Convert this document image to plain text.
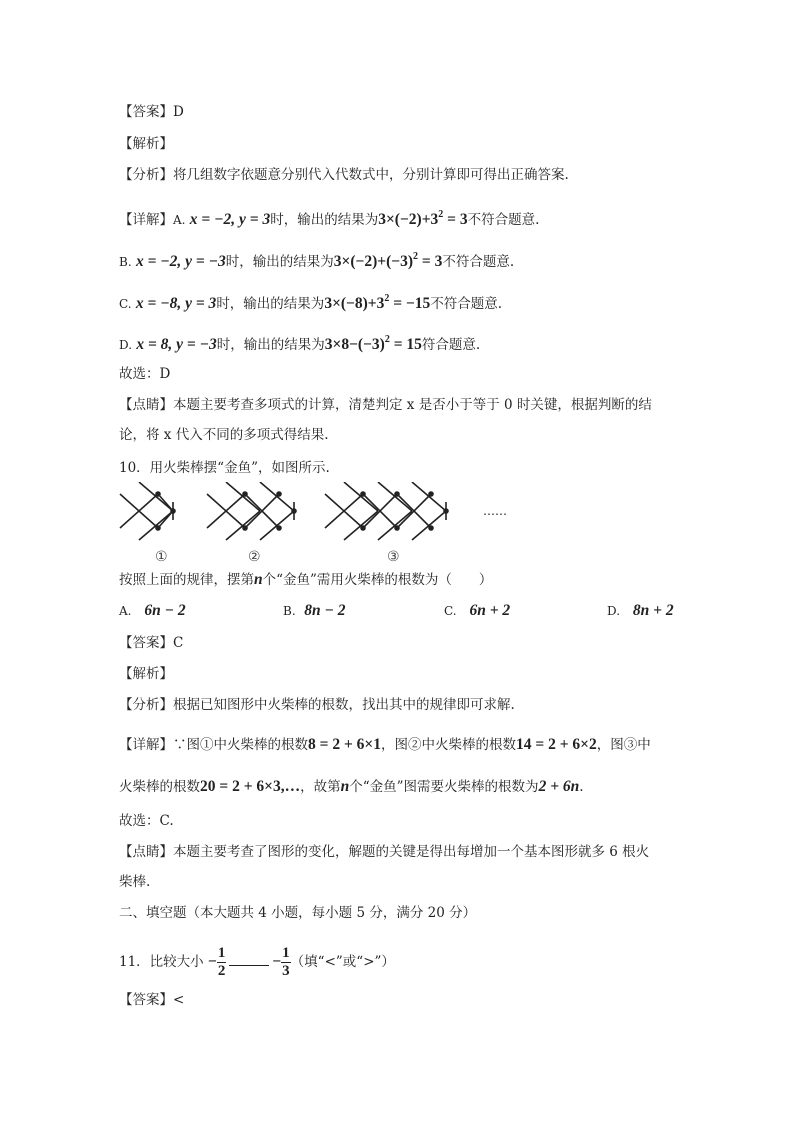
【答案】D
【解析】
【分析】将几组数字依题意分别代入代数式中，分别计算即可得出正确答案.
【详解】A. x = −2, y = 3时，输出的结果为$3\times(-2)+3^2 = 3$不符合题意.
B. x = −2, y = −3时，输出的结果为$3\times(-2)+(-3)^2 = 3$不符合题意.
C. x = −8, y = 3时，输出的结果为$3\times(-8)+3^2 = -15$不符合题意.
D. x = 8, y = −3时，输出的结果为$3\times 8-(-3)^2 = 15$符合题意.
故选：D
【点睛】本题主要考查多项式的计算，清楚判定 x 是否小于等于 0 时关键，根据判断的结
论，将 x 代入不同的多项式得结果.
10．用火柴棒摆“金鱼”，如图所示.
……
①	②	③
按照上面的规律，摆第n个“金鱼”需用火柴棒的根数为（　　）
A. 6n − 2	B. 8n − 2	C. 6n + 2	D. 8n + 2
【答案】C
【解析】
【分析】根据已知图形中火柴棒的根数，找出其中的规律即可求解.
【详解】∵图①中火柴棒的根数8 = 2 + 6×1，图②中火柴棒的根数14 = 2 + 6×2，图③中
火柴棒的根数20 = 2 + 6×3,…，故第n个“金鱼”图需要火柴棒的根数为2 + 6n.
故选：C.
【点睛】本题主要考查了图形的变化，解题的关键是得出每增加一个基本图形就多 6 根火
柴棒.
二、填空题（本大题共 4 小题，每小题 5 分，满分 20 分）
11．比较大小 − $\frac{1}{2}$	− $\frac{1}{3}$ （填“<”或“>”）
【答案】<
